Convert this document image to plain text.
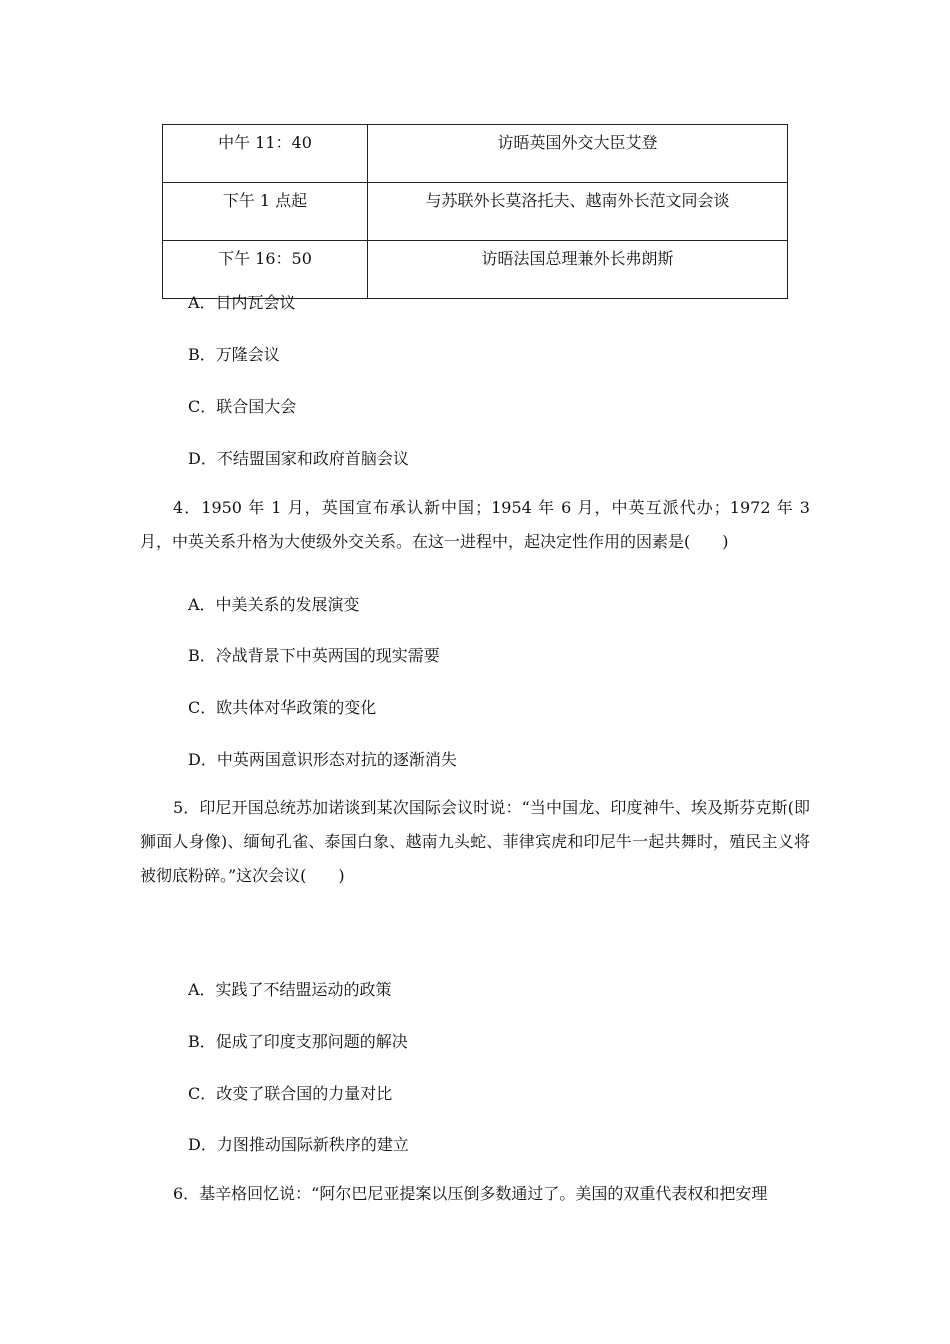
中午 11：40	访晤英国外交大臣艾登
下午 1 点起	与苏联外长莫洛托夫、越南外长范文同会谈
下午 16：50	访晤法国总理兼外长弗朗斯
A．日内瓦会议
B．万隆会议
C．联合国大会
D．不结盟国家和政府首脑会议
4．1950 年 1 月，英国宣布承认新中国；1954 年 6 月，中英互派代办；1972 年 3 月，中英关系升格为大使级外交关系。在这一进程中，起决定性作用的因素是(　　)
A．中美关系的发展演变
B．冷战背景下中英两国的现实需要
C．欧共体对华政策的变化
D．中英两国意识形态对抗的逐渐消失
5．印尼开国总统苏加诺谈到某次国际会议时说：“当中国龙、印度神牛、埃及斯芬克斯(即狮面人身像)、缅甸孔雀、泰国白象、越南九头蛇、菲律宾虎和印尼牛一起共舞时，殖民主义将被彻底粉碎。”这次会议(　　)
A．实践了不结盟运动的政策
B．促成了印度支那问题的解决
C．改变了联合国的力量对比
D．力图推动国际新秩序的建立
6．基辛格回忆说：“阿尔巴尼亚提案以压倒多数通过了。美国的双重代表权和把安理
